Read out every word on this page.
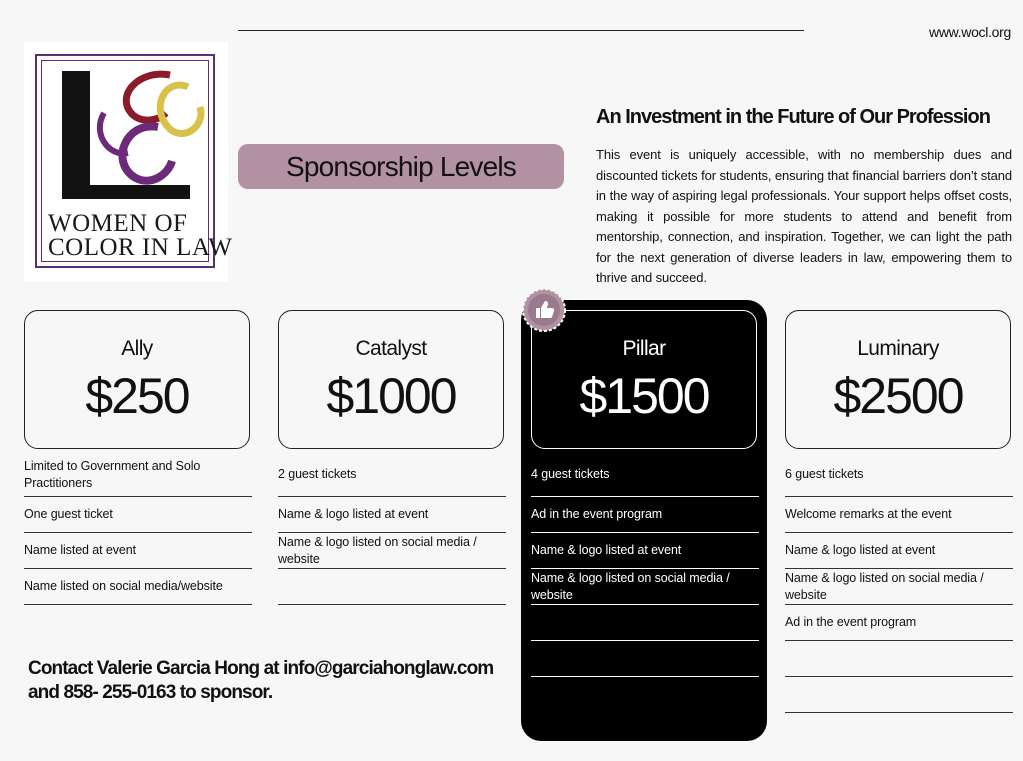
www.wocl.org
WOMEN OF
COLOR IN LAW
Sponsorship Levels
An Investment in the Future of Our Profession
This event is uniquely accessible, with no membership dues and discounted tickets for students, ensuring that financial barriers don’t stand in the way of aspiring legal professionals. Your support helps offset costs, making it possible for more students to attend and benefit from mentorship, connection, and inspiration. Together, we can light the path for the next generation of diverse leaders in law, empowering them to thrive and succeed.
Ally
$250
Limited to Government and Solo Practitioners
One guest ticket
Name listed at event
Name listed on social media/website
Catalyst
$1000
2 guest tickets
Name & logo listed at event
Name & logo listed on social media / website
Pillar
$1500
4 guest tickets
Ad in the event program
Name & logo listed at event
Name & logo listed on social media / website
Luminary
$2500
6 guest tickets
Welcome remarks at the event
Name & logo listed at event
Name & logo listed on social media / website
Ad in the event program
Contact Valerie Garcia Hong at info@garciahonglaw.com and 858- 255-0163 to sponsor.
